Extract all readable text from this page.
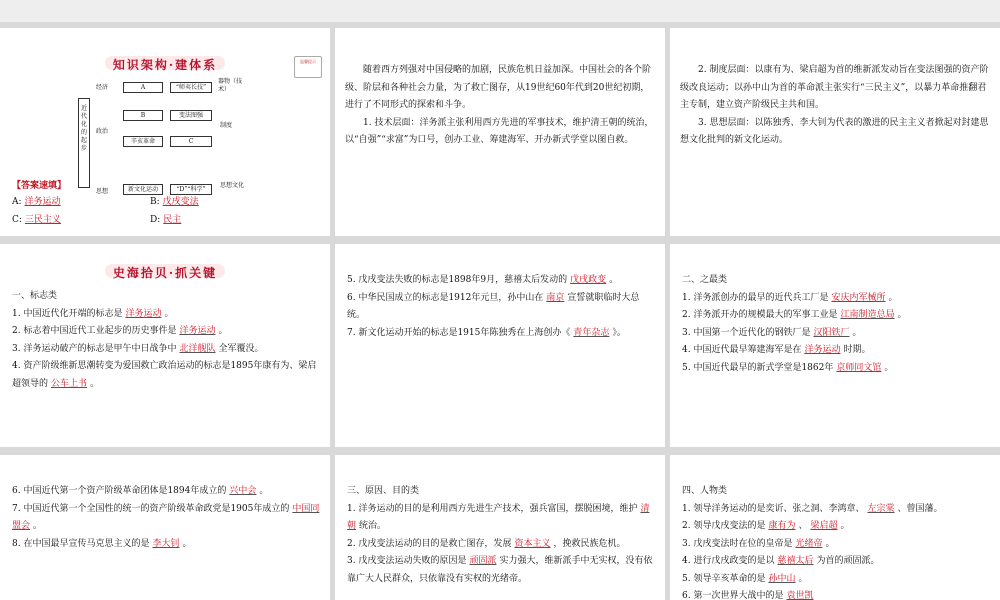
知识架构·建体系	温馨提示
近代化的起步
经济
政治
思想
A	“师夷长技”
器物（技术）
B	变法图强
辛亥革命	C
制度
新文化运动	“D”“科学”
思想文化
【答案速填】
A: 洋务运动	B: 戊戌变法
C: 三民主义	D: 民主
随着西方列强对中国侵略的加剧，民族危机日益加深。中国社会的各个阶级、阶层和各种社会力量，为了救亡图存，从19世纪60年代到20世纪初期，进行了不同形式的探索和斗争。
1. 技术层面：洋务派主张利用西方先进的军事技术，维护清王朝的统治，以“自强”“求富”为口号，创办工业、筹建海军、开办新式学堂以图自救。
2. 制度层面：以康有为、梁启超为首的维新派发动旨在变法图强的资产阶级改良运动；以孙中山为首的革命派主张实行“三民主义”，以暴力革命推翻君主专制，建立资产阶级民主共和国。
3. 思想层面：以陈独秀、李大钊为代表的激进的民主主义者掀起对封建思想文化批判的新文化运动。
史海拾贝·抓关键
一、标志类
1. 中国近代化开端的标志是 洋务运动 。
2. 标志着中国近代工业起步的历史事件是 洋务运动 。
3. 洋务运动破产的标志是甲午中日战争中 北洋舰队 全军覆没。
4. 资产阶级维新思潮转变为爱国救亡政治运动的标志是1895年康有为、梁启超领导的 公车上书 。
5. 戊戌变法失败的标志是1898年9月，慈禧太后发动的 戊戌政变 。
6. 中华民国成立的标志是1912年元旦，孙中山在 南京 宣誓就职临时大总统。
7. 新文化运动开始的标志是1915年陈独秀在上海创办《 青年杂志 》。
二、之最类
1. 洋务派创办的最早的近代兵工厂是 安庆内军械所 。
2. 洋务派开办的规模最大的军事工业是 江南制造总局 。
3. 中国第一个近代化的钢铁厂是 汉阳铁厂 。
4. 中国近代最早筹建海军是在 洋务运动 时期。
5. 中国近代最早的新式学堂是1862年 京师同文馆 。
6. 中国近代第一个资产阶级革命团体是1894年成立的 兴中会 。
7. 中国近代第一个全国性的统一的资产阶级革命政党是1905年成立的 中国同盟会 。
8. 在中国最早宣传马克思主义的是 李大钊 。
三、原因、目的类
1. 洋务运动的目的是利用西方先进生产技术，强兵富国，摆脱困境，维护 清朝 统治。
2. 戊戌变法运动的目的是救亡图存，发展 资本主义 ，挽救民族危机。
3. 戊戌变法运动失败的原因是 顽固派 实力强大，维新派手中无实权，没有依靠广大人民群众，只依靠没有实权的光绪帝。
四、人物类
1. 领导洋务运动的是奕䜣、张之洞、李鸿章、 左宗棠 、曾国藩。
2. 领导戊戌变法的是 康有为 、 梁启超 。
3. 戊戌变法时在位的皇帝是 光绪帝 。
4. 进行戊戌政变的是以 慈禧太后 为首的顽固派。
5. 领导辛亥革命的是 孙中山 。
6. 第一次世界大战中的是 袁世凯
